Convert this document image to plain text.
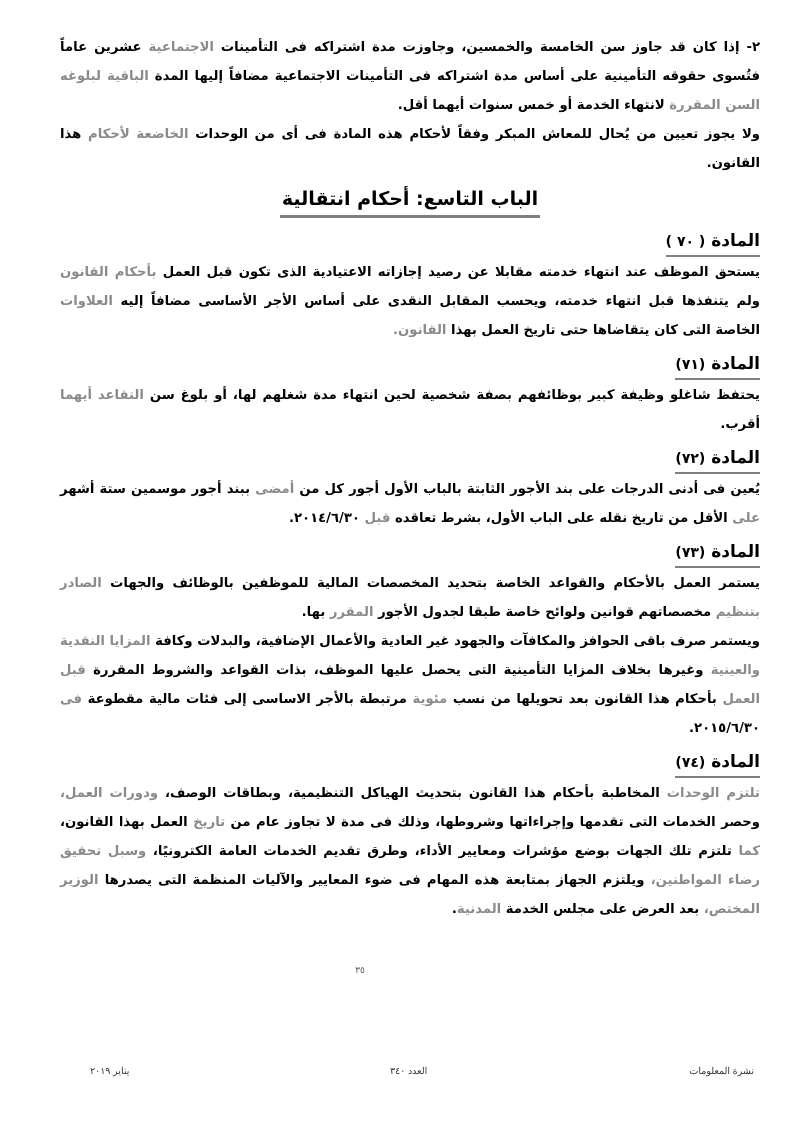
٢- إذا كان قد جاوز سن الخامسة والخمسين، وجاوزت مدة اشتراكه فى التأمينات الاجتماعية عشرين عاماً فتُسوى حقوقه التأمينية على أساس مدة اشتراكه فى التأمينات الاجتماعية مضافاً إليها المدة الباقية لبلوغه السن المقررة لانتهاء الخدمة أو خمس سنوات أيهما أقل.

ولا يجوز تعيين من يُحال للمعاش المبكر وفقاً لأحكام هذه المادة فى أى من الوحدات الخاضعة لأحكام هذا القانون.

الباب التاسع: أحكام انتقالية
المادة ( ٧٠ )

يستحق الموظف عند انتهاء خدمته مقابلا عن رصيد إجازاته الاعتيادية الذى تكون قبل العمل بأحكام القانون ولم يتنفذها قبل انتهاء خدمته، ويحسب المقابل النقدى على أساس الأجر الأساسى مضافاً إليه العلاوات الخاصة التى كان يتقاضاها حتى تاريخ العمل بهذا القانون.

المادة (٧١)

يحتفظ شاغلو وظيفة كبير بوظائفهم بصفة شخصية لحين انتهاء مدة شغلهم لها، أو بلوغ سن التقاعد أيهما أقرب.

المادة (٧٢)

يُعين فى أدنى الدرجات على بند الأجور الثابتة بالباب الأول أجور كل من أمضى ببند أجور موسمين ستة أشهر على الأقل من تاريخ نقله على الباب الأول، بشرط تعاقده قبل ٢٠١٤/٦/٣٠.

المادة (٧٣)

يستمر العمل بالأحكام والقواعد الخاصة بتحديد المخصصات المالية للموظفين بالوظائف والجهات الصادر بتنظيم مخصصاتهم قوانين ولوائح خاصة طبقا لجدول الأجور المقرر بها.

ويستمر صرف باقى الحوافز والمكافآت والجهود غير العادية والأعمال الإضافية، والبدلات وكافة المزايا النقدية والعينية وغيرها بخلاف المزايا التأمينية التى يحصل عليها الموظف، بذات القواعد والشروط المقررة قبل العمل بأحكام هذا القانون بعد تحويلها من نسب مئوية مرتبطة بالأجر الاساسى إلى فئات مالية مقطوعة فى ٢٠١٥/٦/٣٠.

المادة (٧٤)

تلتزم الوحدات المخاطبة بأحكام هذا القانون بتحديث الهياكل التنظيمية، وبطاقات الوصف، ودورات العمل، وحصر الخدمات التى تقدمها وإجراءاتها وشروطها، وذلك فى مدة لا تجاوز عام من تاريخ العمل بهذا القانون، كما تلتزم تلك الجهات بوضع مؤشرات ومعايير الأداء، وطرق تقديم الخدمات العامة الكترونيًا، وسبل تحقيق رضاء المواطنين، ويلتزم الجهاز بمتابعة هذه المهام فى ضوء المعايير والآليات المنظمة التى يصدرها الوزير المختص، بعد العرض على مجلس الخدمة المدنية.

٣٥
نشرة المعلومات
العدد ٣٤٠
يناير ٢٠١٩
